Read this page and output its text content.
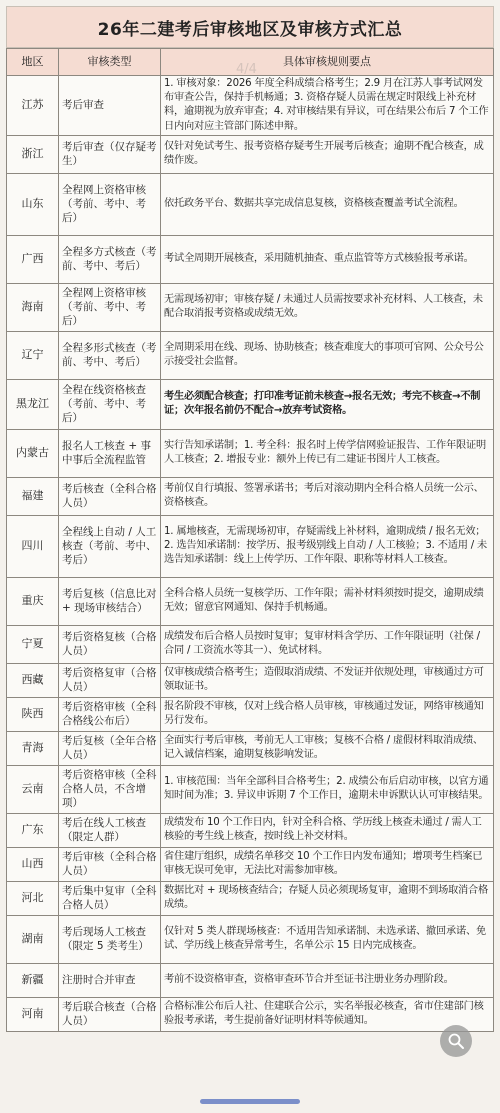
26年二建考后审核地区及审核方式汇总
地区	审核类型	具体审核规则要点
江苏	考后审查	1. 审核对象：2026 年度全科成绩合格考生；2.9 月在江苏人事考试网发布审查公告，保持手机畅通；3. 资格存疑人员需在规定时限线上补充材料，逾期视为放弃审查；4. 对审核结果有异议，可在结果公布后 7 个工作日内向对应主管部门陈述申辩。
浙江	考后审查（仅存疑考生）	仅针对免试考生、报考资格存疑考生开展考后核查；逾期不配合核查，成绩作废。
山东	全程网上资格审核（考前、考中、考后）	依托政务平台、数据共享完成信息复核，资格核查覆盖考试全流程。
广西	全程多方式核查（考前、考中、考后）	考试全周期开展核查，采用随机抽查、重点监管等方式核验报考承诺。
海南	全程网上资格审核（考前、考中、考后）	无需现场初审；审核存疑 / 未通过人员需按要求补充材料、人工核查，未配合取消报考资格或成绩无效。
辽宁	全程多形式核查（考前、考中、考后）	全周期采用在线、现场、协助核查；核查难度大的事项可官网、公众号公示接受社会监督。
黑龙江	全程在线资格核查（考前、考中、考后）	考生必须配合核查；打印准考证前未核查→报名无效；考完不核查→不制证；次年报名前仍不配合→放弃考试资格。
内蒙古	报名人工核查 + 事中事后全流程监管	实行告知承诺制；1. 考全科：报名时上传学信网验证报告、工作年限证明人工核查；2. 增报专业：额外上传已有二建证书图片人工核查。
福建	考后核查（全科合格人员）	考前仅自行填报、签署承诺书；考后对滚动期内全科合格人员统一公示、资格核查。
四川	全程线上自动 / 人工核查（考前、考中、考后）	1. 属地核查，无需现场初审，存疑需线上补材料，逾期成绩 / 报名无效；2. 选告知承诺制：按学历、报考级别线上自动 / 人工核验；3. 不适用 / 未选告知承诺制：线上上传学历、工作年限、职称等材料人工核查。
重庆	考后复核（信息比对 + 现场审核结合）	全科合格人员统一复核学历、工作年限；需补材料须按时提交，逾期成绩无效；留意官网通知、保持手机畅通。
宁夏	考后资格复核（合格人员）	成绩发布后合格人员按时复审；复审材料含学历、工作年限证明（社保 / 合同 / 工资流水等其一）、免试材料。
西藏	考后资格复审（合格人员）	仅审核成绩合格考生；造假取消成绩、不发证并依规处理，审核通过方可领取证书。
陕西	考后资格审核（全科合格线公布后）	报名阶段不审核，仅对上线合格人员审核，审核通过发证，网络审核通知另行发布。
青海	考后复核（全年合格人员）	全面实行考后审核，考前无人工审核；复核不合格 / 虚假材料取消成绩、记入诚信档案，逾期复核影响发证。
云南	考后资格审核（全科合格人员，不含增项）	1. 审核范围：当年全部科目合格考生；2. 成绩公布后启动审核，以官方通知时间为准；3. 异议申诉期 7 个工作日，逾期未申诉默认认可审核结果。
广东	考后在线人工核查（限定人群）	成绩发布 10 个工作日内，针对全科合格、学历线上核查未通过 / 需人工核验的考生线上核查，按时线上补交材料。
山西	考后审核（全科合格人员）	省住建厅组织，成绩名单移交 10 个工作日内发布通知；增项考生档案已审核无误可免审，无法比对需参加审核。
河北	考后集中复审（全科合格人员）	数据比对 + 现场核查结合；存疑人员必须现场复审，逾期不到场取消合格成绩。
湖南	考后现场人工核查（限定 5 类考生）	仅针对 5 类人群现场核查：不适用告知承诺制、未选承诺、撤回承诺、免试、学历线上核查异常考生，名单公示 15 日内完成核查。
新疆	注册时合并审查	考前不设资格审查，资格审查环节合并至证书注册业务办理阶段。
河南	考后联合核查（合格人员）	合格标准公布后人社、住建联合公示，实名举报必核查，省市住建部门核验报考承诺，考生提前备好证明材料等候通知。
4/4
